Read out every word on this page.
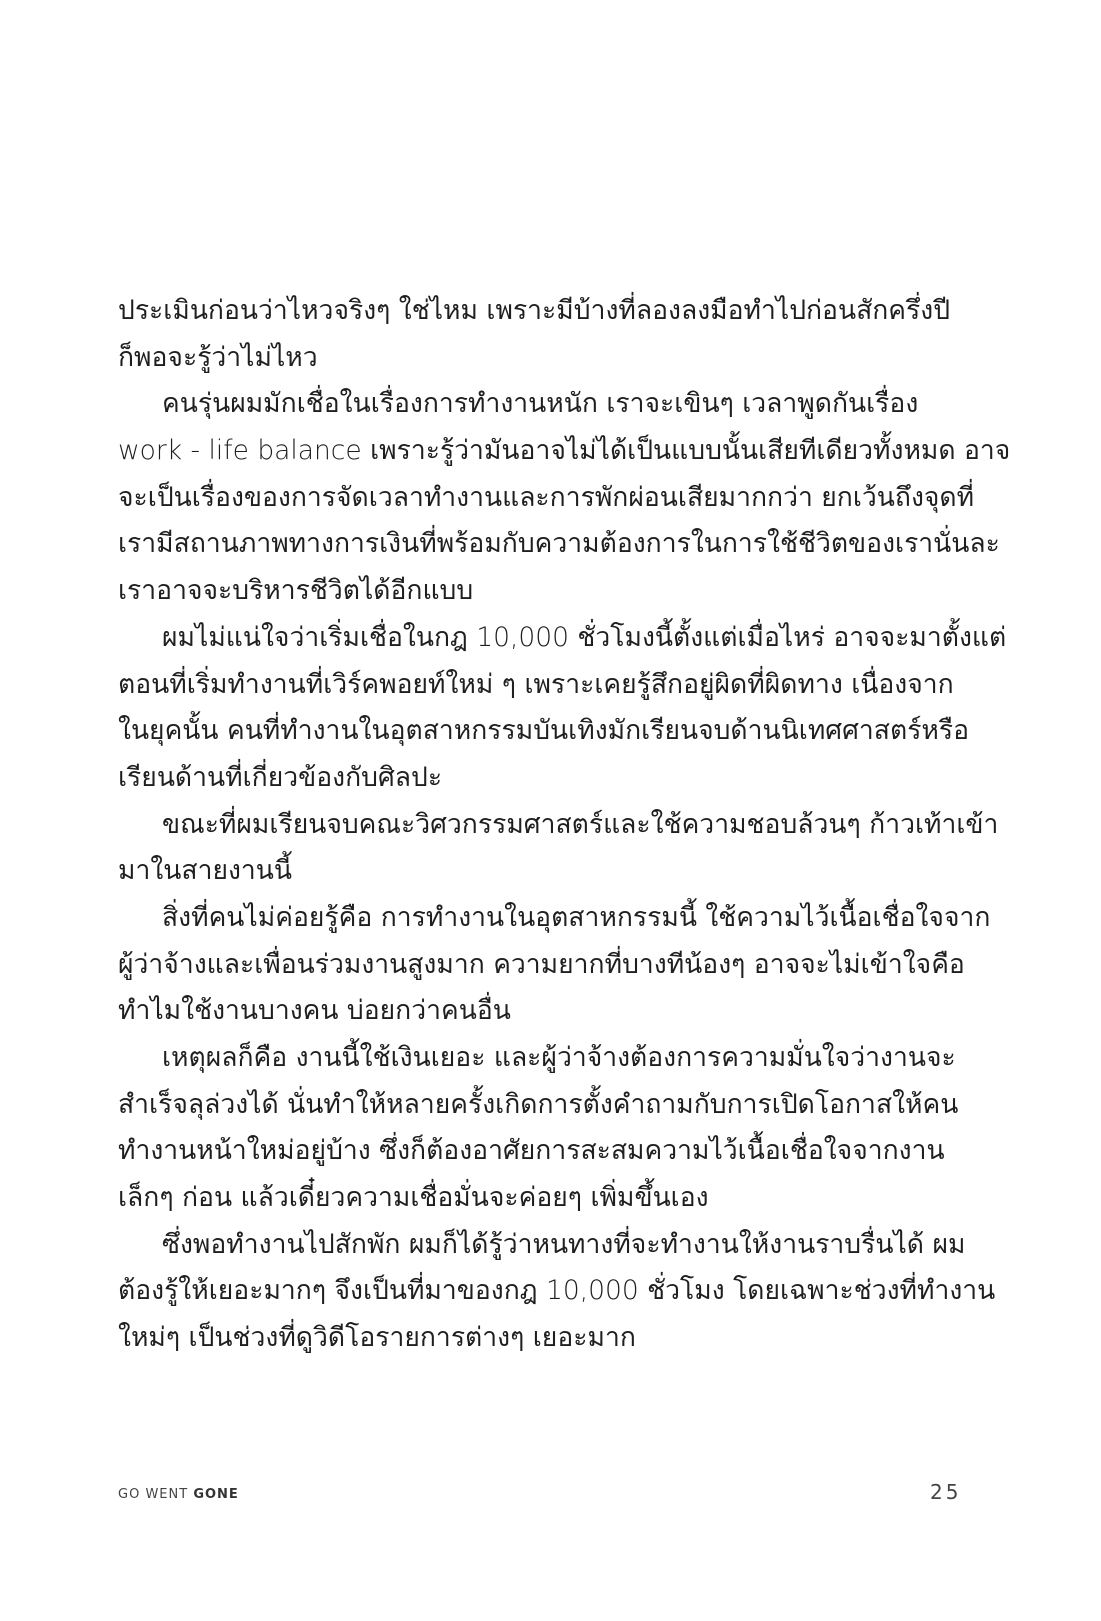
ประเมินก่อนว่าไหวจริงๆ ใช่ไหม เพราะมีบ้างที่ลองลงมือทำไปก่อนสักครึ่งปี
ก็พอจะรู้ว่าไม่ไหว
คนรุ่นผมมักเชื่อในเรื่องการทำงานหนัก เราจะเขินๆ เวลาพูดกันเรื่อง
work - life balance เพราะรู้ว่ามันอาจไม่ได้เป็นแบบนั้นเสียทีเดียวทั้งหมด อาจ
จะเป็นเรื่องของการจัดเวลาทำงานและการพักผ่อนเสียมากกว่า ยกเว้นถึงจุดที่
เรามีสถานภาพทางการเงินที่พร้อมกับความต้องการในการใช้ชีวิตของเรานั่นละ
เราอาจจะบริหารชีวิตได้อีกแบบ
ผมไม่แน่ใจว่าเริ่มเชื่อในกฎ 10,000 ชั่วโมงนี้ตั้งแต่เมื่อไหร่ อาจจะมาตั้งแต่
ตอนที่เริ่มทำงานที่เวิร์คพอยท์ใหม่ ๆ เพราะเคยรู้สึกอยู่ผิดที่ผิดทาง เนื่องจาก
ในยุคนั้น คนที่ทำงานในอุตสาหกรรมบันเทิงมักเรียนจบด้านนิเทศศาสตร์หรือ
เรียนด้านที่เกี่ยวข้องกับศิลปะ
ขณะที่ผมเรียนจบคณะวิศวกรรมศาสตร์และใช้ความชอบล้วนๆ ก้าวเท้าเข้า
มาในสายงานนี้
สิ่งที่คนไม่ค่อยรู้คือ การทำงานในอุตสาหกรรมนี้ ใช้ความไว้เนื้อเชื่อใจจาก
ผู้ว่าจ้างและเพื่อนร่วมงานสูงมาก ความยากที่บางทีน้องๆ อาจจะไม่เข้าใจคือ
ทำไมใช้งานบางคน บ่อยกว่าคนอื่น
เหตุผลก็คือ งานนี้ใช้เงินเยอะ และผู้ว่าจ้างต้องการความมั่นใจว่างานจะ
สำเร็จลุล่วงได้ นั่นทำให้หลายครั้งเกิดการตั้งคำถามกับการเปิดโอกาสให้คน
ทำงานหน้าใหม่อยู่บ้าง ซึ่งก็ต้องอาศัยการสะสมความไว้เนื้อเชื่อใจจากงาน
เล็กๆ ก่อน แล้วเดี๋ยวความเชื่อมั่นจะค่อยๆ เพิ่มขึ้นเอง
ซึ่งพอทำงานไปสักพัก ผมก็ได้รู้ว่าหนทางที่จะทำงานให้งานราบรื่นได้ ผม
ต้องรู้ให้เยอะมากๆ จึงเป็นที่มาของกฎ 10,000 ชั่วโมง โดยเฉพาะช่วงที่ทำงาน
ใหม่ๆ เป็นช่วงที่ดูวิดีโอรายการต่างๆ เยอะมาก
GO WENT GONE	25
